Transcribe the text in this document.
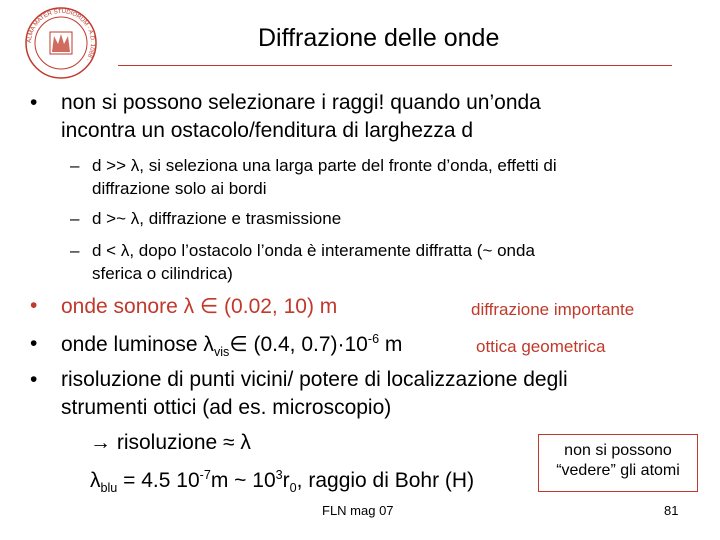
ALMA MATER STUDIORUM · A.D. 1088 ·
Diffrazione delle onde
• non si possono selezionare i raggi! quando un’onda
incontra un ostacolo/fenditura di larghezza d
– d >> λ, si seleziona una larga parte del fronte d’onda, effetti di
diffrazione solo ai bordi
– d >~ λ, diffrazione e trasmissione
– d < λ, dopo l’ostacolo l’onda è interamente diffratta (~ onda
sferica o cilindrica)
• onde sonore λ ∈ (0.02, 10) m	diffrazione importante
• onde luminose $\lambda_{vis}\in$ (0.4, $0.7)\cdot 10^{-6}$ m	ottica geometrica
• risoluzione di punti vicini/ potere di localizzazione degli
strumenti ottici (ad es. microscopio)
→ risoluzione ≈ λ
$\lambda_{blu} = 4.5$ $10^{-7}m$ ~ $10^3r_0$, raggio di Bohr (H)
non si possono
“vedere” gli atomi
FLN mag 07	81
